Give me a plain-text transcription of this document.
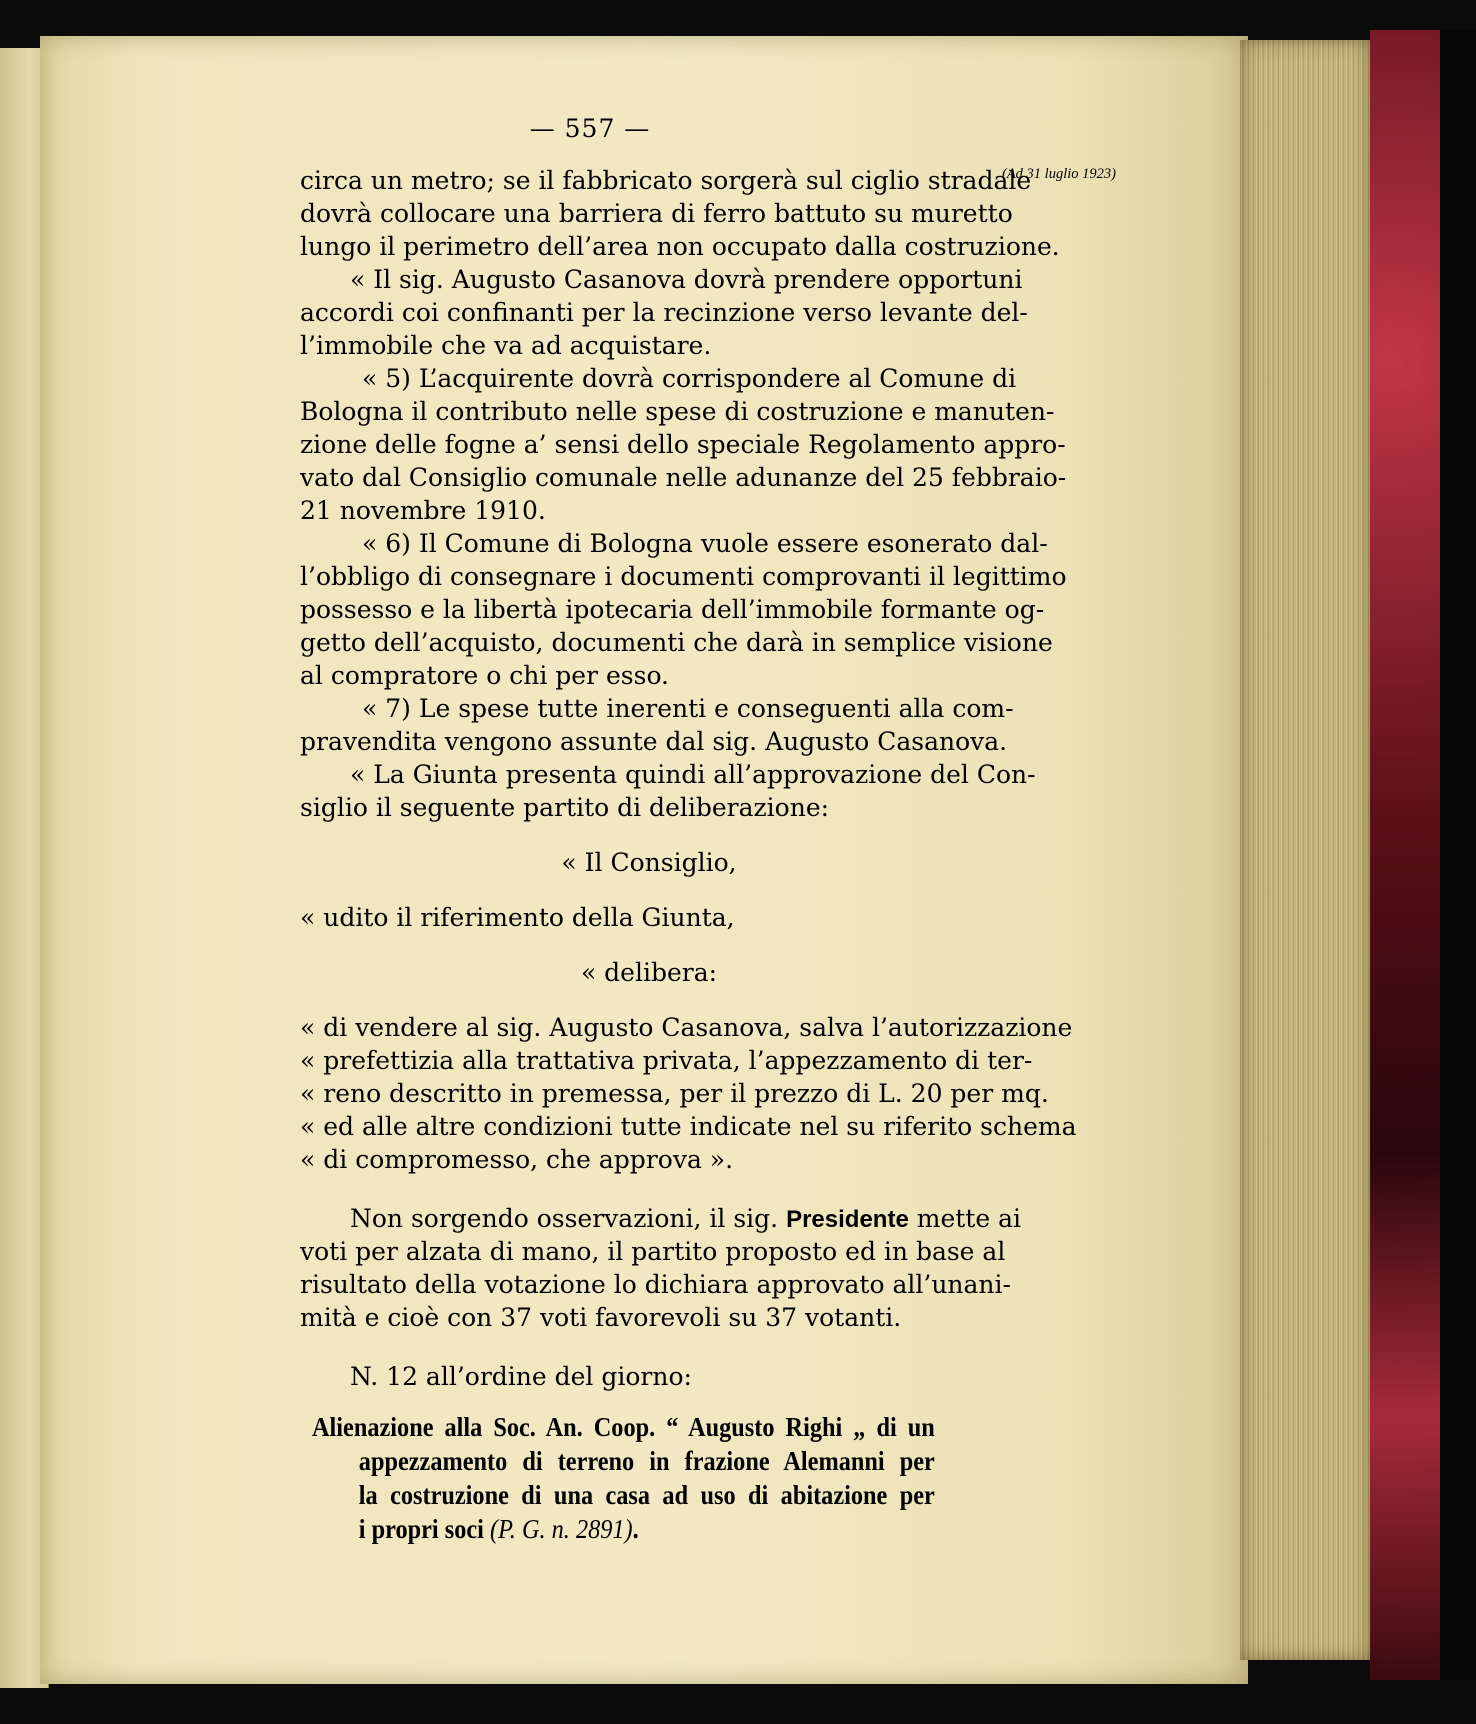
— 557 —
(Ad 31 luglio 1923)
circa un metro; se il fabbricato sorgerà sul ciglio stradale
dovrà collocare una barriera di ferro battuto su muretto
lungo il perimetro dell’area non occupato dalla costruzione.
« Il sig. Augusto Casanova dovrà prendere opportuni
accordi coi confinanti per la recinzione verso levante del-
l’immobile che va ad acquistare.
« 5) L’acquirente dovrà corrispondere al Comune di
Bologna il contributo nelle spese di costruzione e manuten-
zione delle fogne a’ sensi dello speciale Regolamento appro-
vato dal Consiglio comunale nelle adunanze del 25 febbraio-
21 novembre 1910.
« 6) Il Comune di Bologna vuole essere esonerato dal-
l’obbligo di consegnare i documenti comprovanti il legittimo
possesso e la libertà ipotecaria dell’immobile formante og-
getto dell’acquisto, documenti che darà in semplice visione
al compratore o chi per esso.
« 7) Le spese tutte inerenti e conseguenti alla com-
pravendita vengono assunte dal sig. Augusto Casanova.
« La Giunta presenta quindi all’approvazione del Con-
siglio il seguente partito di deliberazione:
« Il Consiglio,
« udito il riferimento della Giunta,
« delibera:
« di vendere al sig. Augusto Casanova, salva l’autorizzazione
« prefettizia alla trattativa privata, l’appezzamento di ter-
« reno descritto in premessa, per il prezzo di L. 20 per mq.
« ed alle altre condizioni tutte indicate nel su riferito schema
« di compromesso, che approva ».
Non sorgendo osservazioni, il sig. Presidente mette ai
voti per alzata di mano, il partito proposto ed in base al
risultato della votazione lo dichiara approvato all’unani-
mità e cioè con 37 voti favorevoli su 37 votanti.
N. 12 all’ordine del giorno:
Alienazione alla Soc. An. Coop. “ Augusto Righi „ di un
appezzamento di terreno in frazione Alemanni per
la costruzione di una casa ad uso di abitazione per
i propri soci (P. G. n. 2891).
